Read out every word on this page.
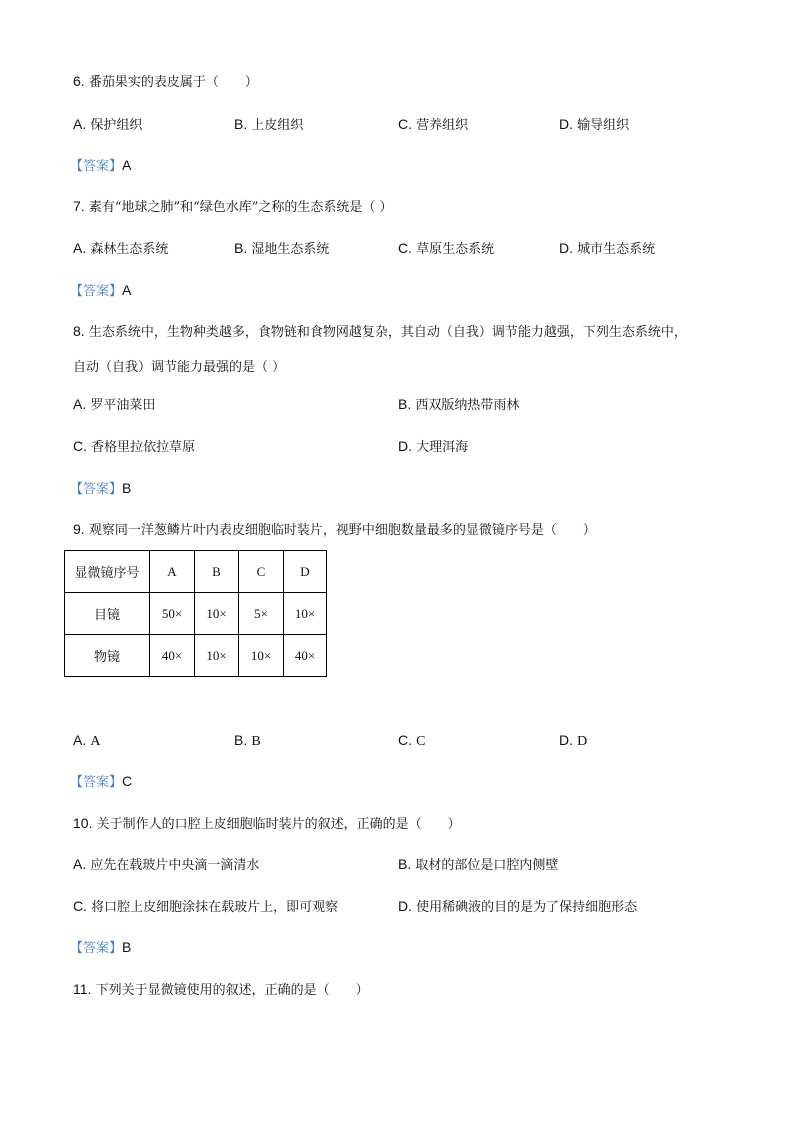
6. 番茄果实的表皮属于（　　）
A. 保护组织	B. 上皮组织	C. 营养组织	D. 输导组织
【答案】A
7. 素有“地球之肺”和“绿色水库”之称的生态系统是（ ）
A. 森林生态系统	B. 湿地生态系统	C. 草原生态系统	D. 城市生态系统
【答案】A
8. 生态系统中，生物种类越多，食物链和食物网越复杂，其自动（自我）调节能力越强，下列生态系统中，
自动（自我）调节能力最强的是（ ）
A. 罗平油菜田	B. 西双版纳热带雨林
C. 香格里拉依拉草原	D. 大理洱海
【答案】B
9. 观察同一洋葱鳞片叶内表皮细胞临时装片，视野中细胞数量最多的显微镜序号是（　　）
显微镜序号	A	B	C	D
目镜	50×	10×	5×	10×
物镜	40×	10×	10×	40×
A. A	B. B	C. C	D. D
【答案】C
10. 关于制作人的口腔上皮细胞临时装片的叙述，正确的是（　　）
A. 应先在载玻片中央滴一滴清水	B. 取材的部位是口腔内侧壁
C. 将口腔上皮细胞涂抹在载玻片上，即可观察	D. 使用稀碘液的目的是为了保持细胞形态
【答案】B
11. 下列关于显微镜使用的叙述，正确的是（　　）
